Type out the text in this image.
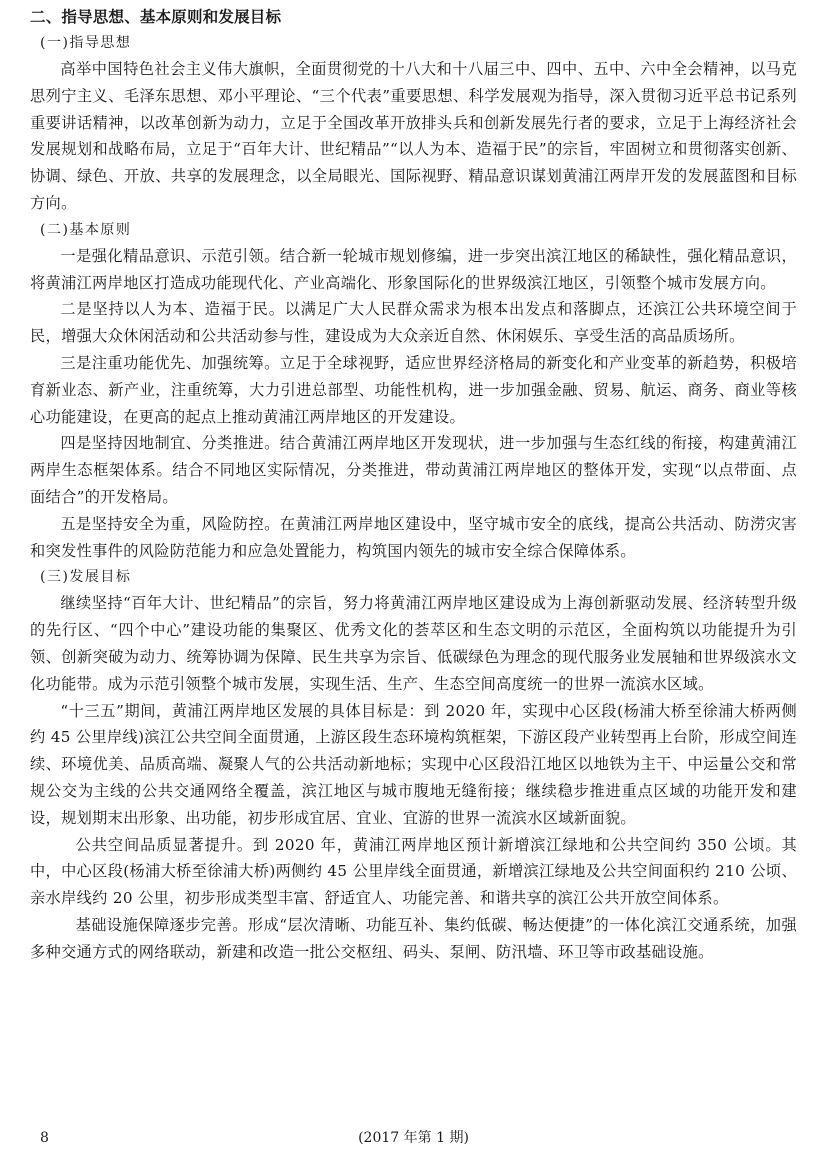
二、指导思想、基本原则和发展目标

(一)指导思想

高举中国特色社会主义伟大旗帜，全面贯彻党的十八大和十八届三中、四中、五中、六中全会精神，以马克思列宁主义、毛泽东思想、邓小平理论、“三个代表”重要思想、科学发展观为指导，深入贯彻习近平总书记系列重要讲话精神，以改革创新为动力，立足于全国改革开放排头兵和创新发展先行者的要求，立足于上海经济社会发展规划和战略布局，立足于“百年大计、世纪精品”“以人为本、造福于民”的宗旨，牢固树立和贯彻落实创新、协调、绿色、开放、共享的发展理念，以全局眼光、国际视野、精品意识谋划黄浦江两岸开发的发展蓝图和目标方向。

(二)基本原则

一是强化精品意识、示范引领。结合新一轮城市规划修编，进一步突出滨江地区的稀缺性，强化精品意识，将黄浦江两岸地区打造成功能现代化、产业高端化、形象国际化的世界级滨江地区，引领整个城市发展方向。

二是坚持以人为本、造福于民。以满足广大人民群众需求为根本出发点和落脚点，还滨江公共环境空间于民，增强大众休闲活动和公共活动参与性，建设成为大众亲近自然、休闲娱乐、享受生活的高品质场所。

三是注重功能优先、加强统筹。立足于全球视野，适应世界经济格局的新变化和产业变革的新趋势，积极培育新业态、新产业，注重统筹，大力引进总部型、功能性机构，进一步加强金融、贸易、航运、商务、商业等核心功能建设，在更高的起点上推动黄浦江两岸地区的开发建设。

四是坚持因地制宜、分类推进。结合黄浦江两岸地区开发现状，进一步加强与生态红线的衔接，构建黄浦江两岸生态框架体系。结合不同地区实际情况，分类推进，带动黄浦江两岸地区的整体开发，实现“以点带面、点面结合”的开发格局。

五是坚持安全为重，风险防控。在黄浦江两岸地区建设中，坚守城市安全的底线，提高公共活动、防涝灾害和突发性事件的风险防范能力和应急处置能力，构筑国内领先的城市安全综合保障体系。

(三)发展目标

继续坚持“百年大计、世纪精品”的宗旨，努力将黄浦江两岸地区建设成为上海创新驱动发展、经济转型升级的先行区、“四个中心”建设功能的集聚区、优秀文化的荟萃区和生态文明的示范区，全面构筑以功能提升为引领、创新突破为动力、统筹协调为保障、民生共享为宗旨、低碳绿色为理念的现代服务业发展轴和世界级滨水文化功能带。成为示范引领整个城市发展，实现生活、生产、生态空间高度统一的世界一流滨水区域。

“十三五”期间，黄浦江两岸地区发展的具体目标是：到 2020 年，实现中心区段(杨浦大桥至徐浦大桥两侧约 45 公里岸线)滨江公共空间全面贯通，上游区段生态环境构筑框架，下游区段产业转型再上台阶，形成空间连续、环境优美、品质高端、凝聚人气的公共活动新地标；实现中心区段沿江地区以地铁为主干、中运量公交和常规公交为主线的公共交通网络全覆盖，滨江地区与城市腹地无缝衔接；继续稳步推进重点区域的功能开发和建设，规划期末出形象、出功能，初步形成宜居、宜业、宜游的世界一流滨水区域新面貌。

公共空间品质显著提升。到 2020 年，黄浦江两岸地区预计新增滨江绿地和公共空间约 350 公顷。其中，中心区段(杨浦大桥至徐浦大桥)两侧约 45 公里岸线全面贯通，新增滨江绿地及公共空间面积约 210 公顷、亲水岸线约 20 公里，初步形成类型丰富、舒适宜人、功能完善、和谐共享的滨江公共开放空间体系。

基础设施保障逐步完善。形成“层次清晰、功能互补、集约低碳、畅达便捷”的一体化滨江交通系统，加强多种交通方式的网络联动，新建和改造一批公交枢纽、码头、泵闸、防汛墙、环卫等市政基础设施。

8	(2017 年第 1 期)
